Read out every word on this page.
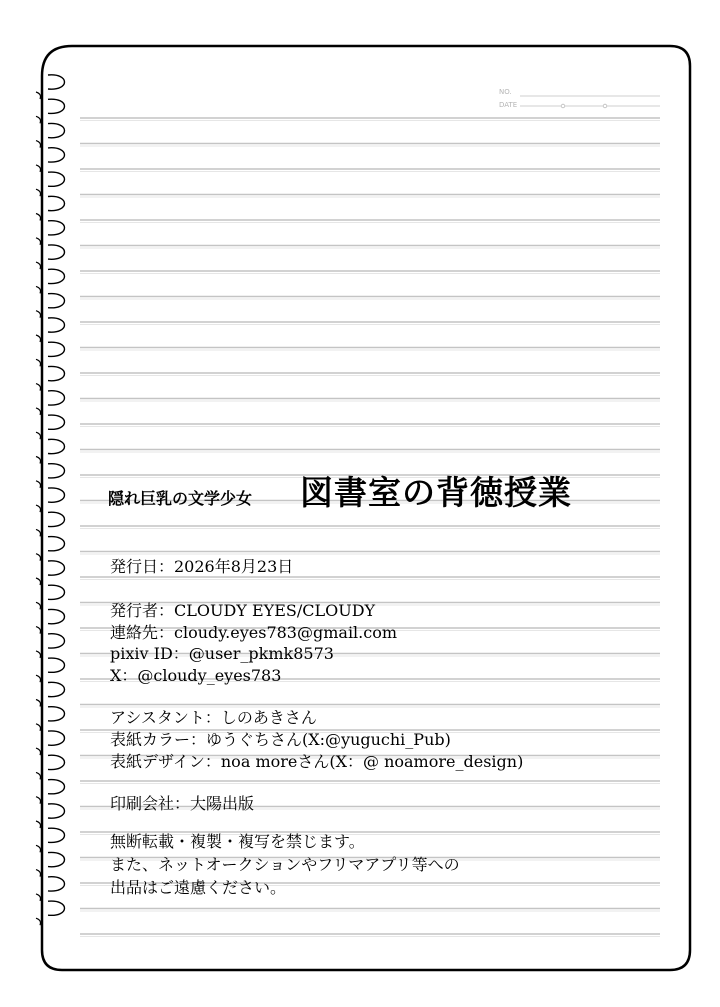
NO.
DATE
隠れ巨乳の文学少女 図書室の背徳授業
発行日：2026年8月23日
発行者：CLOUDY EYES/CLOUDY
連絡先：cloudy.eyes783@gmail.com
pixiv ID：@user_pkmk8573
X：@cloudy_eyes783
アシスタント：しのあきさん
表紙カラー：ゆうぐちさん(X:@yuguchi_Pub)
表紙デザイン：noa moreさん(X：@ noamore_design)
印刷会社：大陽出版
無断転載・複製・複写を禁じます。
また、ネットオークションやフリマアプリ等への
出品はご遠慮ください。
